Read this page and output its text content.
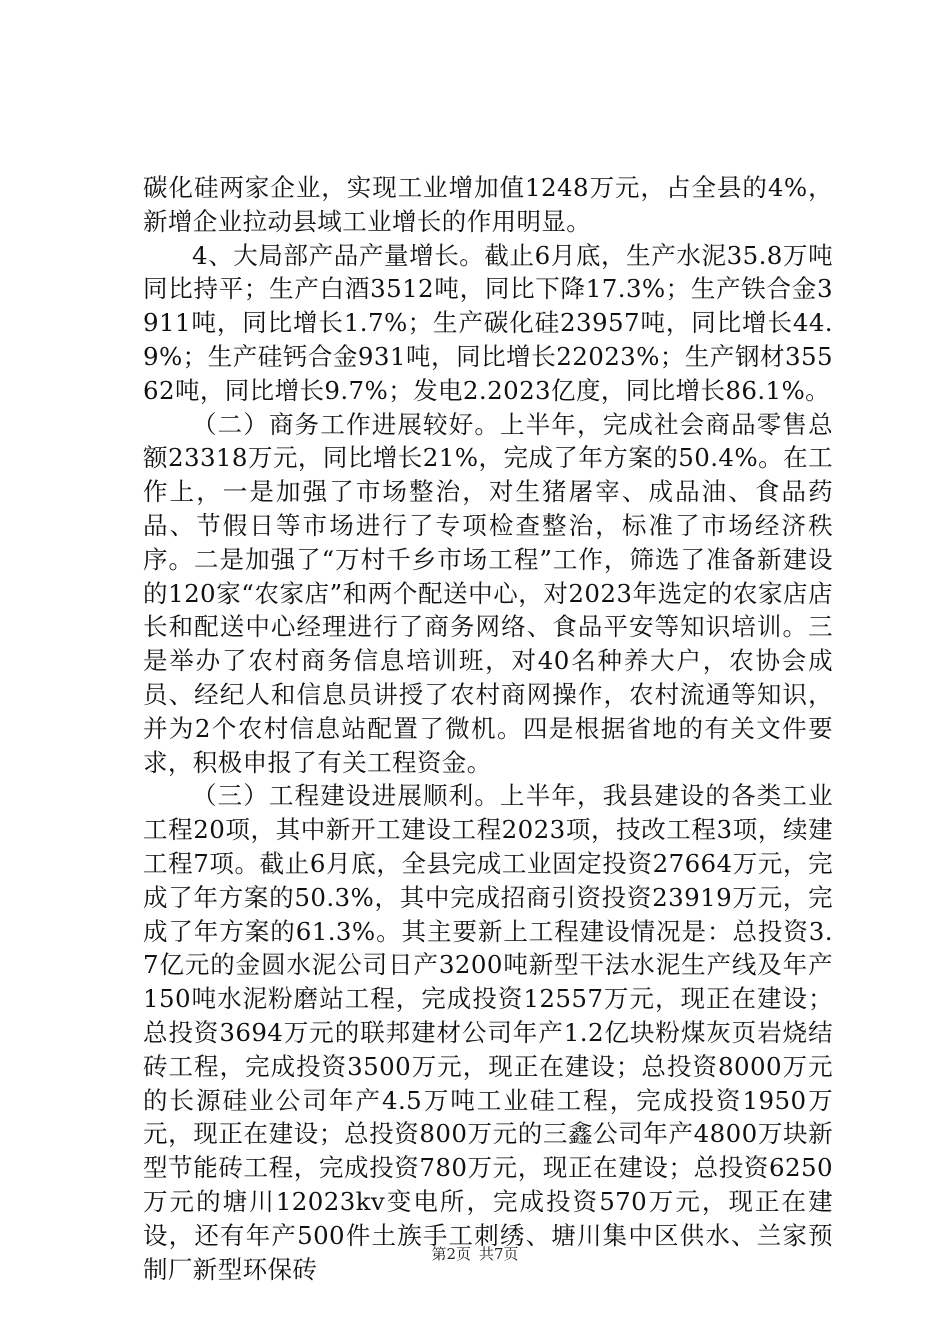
碳化硅两家企业，实现工业增加值1248万元，占全县的4%，新增企业拉动县域工业增长的作用明显。

4、大局部产品产量增长。截止6月底，生产水泥35.8万吨同比持平；生产白酒3512吨，同比下降17.3%；生产铁合金3911吨，同比增长1.7%；生产碳化硅23957吨，同比增长44.9%；生产硅钙合金931吨，同比增长22023%；生产钢材35562吨，同比增长9.7%；发电2.2023亿度，同比增长86.1%。

（二）商务工作进展较好。上半年，完成社会商品零售总额23318万元，同比增长21%，完成了年方案的50.4%。在工作上，一是加强了市场整治，对生猪屠宰、成品油、食品药品、节假日等市场进行了专项检查整治，标准了市场经济秩序。二是加强了“万村千乡市场工程”工作，筛选了准备新建设的120家“农家店”和两个配送中心，对2023年选定的农家店店长和配送中心经理进行了商务网络、食品平安等知识培训。三是举办了农村商务信息培训班，对40名种养大户，农协会成员、经纪人和信息员讲授了农村商网操作，农村流通等知识，并为2个农村信息站配置了微机。四是根据省地的有关文件要求，积极申报了有关工程资金。

（三）工程建设进展顺利。上半年，我县建设的各类工业工程20项，其中新开工建设工程2023项，技改工程3项，续建工程7项。截止6月底，全县完成工业固定投资27664万元，完成了年方案的50.3%，其中完成招商引资投资23919万元，完成了年方案的61.3%。其主要新上工程建设情况是：总投资3.7亿元的金圆水泥公司日产3200吨新型干法水泥生产线及年产150吨水泥粉磨站工程，完成投资12557万元，现正在建设；总投资3694万元的联邦建材公司年产1.2亿块粉煤灰页岩烧结砖工程，完成投资3500万元，现正在建设；总投资8000万元的长源硅业公司年产4.5万吨工业硅工程，完成投资1950万元，现正在建设；总投资800万元的三鑫公司年产4800万块新型节能砖工程，完成投资780万元，现正在建设；总投资6250万元的塘川12023kv变电所，完成投资570万元，现正在建设，还有年产500件土族手工刺绣、塘川集中区供水、兰家预制厂新型环保砖

第2页 共7页
